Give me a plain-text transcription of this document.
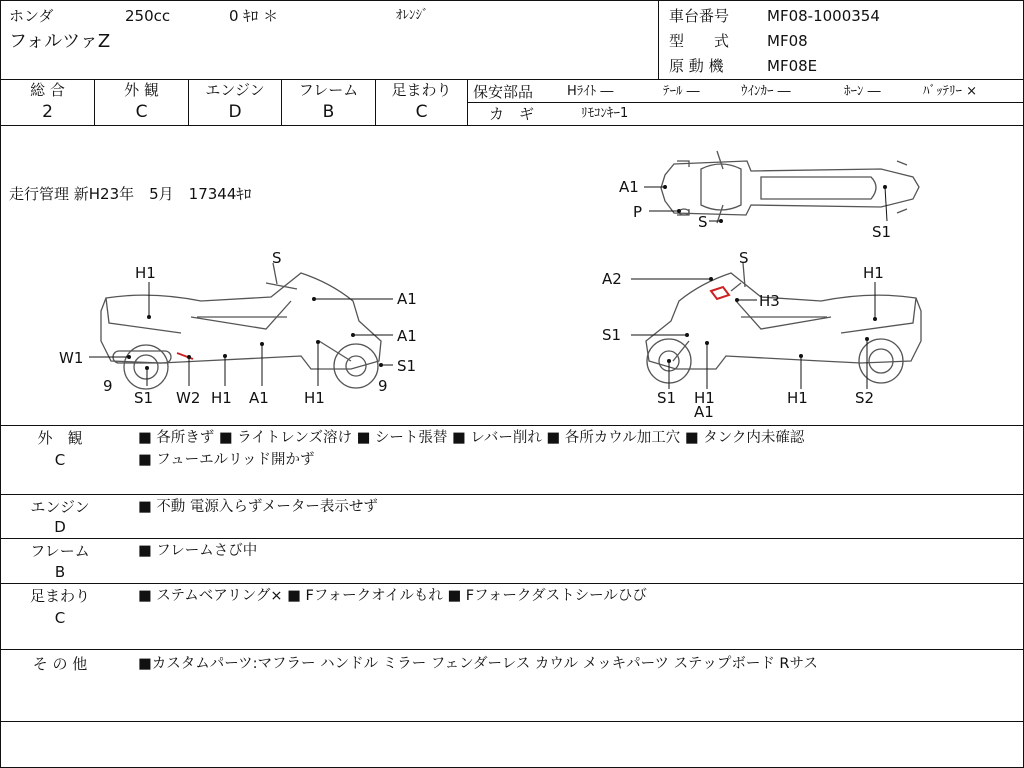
ホンダ	250cc	0 ｷﾛ ＊	ｵﾚﾝｼﾞ
フォルツァZ
車台番号	MF08-1000354
型　　式	MF08
原 動 機	MF08E
総 合
2
外 観
C
エンジン
D
フレーム
B
足まわり
C
保安部品	Hﾗｲﾄ ―	ﾃｰﾙ ―	ｳｲﾝｶｰ ―	ﾎｰﾝ ―	ﾊﾞｯﾃﾘｰ ×
カ　ギ	ﾘﾓｺﾝｷｰ1
走行管理 新H23年　5月　17344ｷﾛ	A1
P
S
S1
H1
S
A1
A1
W1	S1
9
S1 W2 H1 A1 H1
9
A2
S
H1
H3
S1
S1 H1
A1
H1	S2
外　観
C
■ 各所きず ■ ライトレンズ溶け ■ シート張替 ■ レバー削れ ■ 各所カウル加工穴 ■ タンク内未確認
■ フューエルリッド開かず
エンジン
D
■ 不動 電源入らずメーター表示せず
フレーム
B
■ フレームさび中
足まわり
C
■ ステムベアリング× ■ Fフォークオイルもれ ■ Fフォークダストシールひび
そ の 他	■カスタムパーツ:マフラー ハンドル ミラー フェンダーレス カウル メッキパーツ ステップボード Rサス
